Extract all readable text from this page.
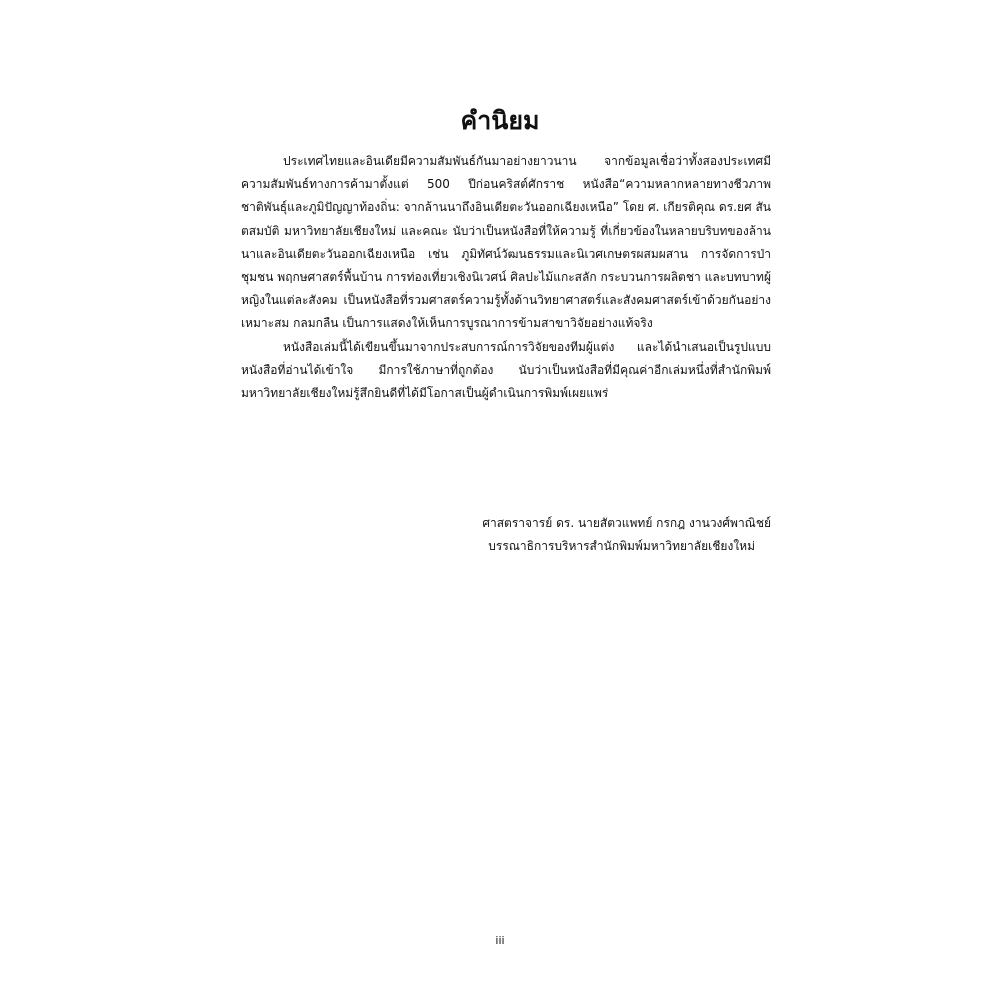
คำนิยม

ประเทศไทยและอินเดียมีความสัมพันธ์กันมาอย่างยาวนาน จากข้อมูลเชื่อว่าทั้งสองประเทศมีความสัมพันธ์ทางการค้ามาตั้งแต่ 500 ปีก่อนคริสต์ศักราช หนังสือ“ความหลากหลายทางชีวภาพชาติพันธุ์และภูมิปัญญาท้องถิ่น: จากล้านนาถึงอินเดียตะวันออกเฉียงเหนือ” โดย ศ. เกียรติคุณ ดร.ยศ สันตสมบัติ มหาวิทยาลัยเชียงใหม่ และคณะ นับว่าเป็นหนังสือที่ให้ความรู้ ที่เกี่ยวข้องในหลายบริบทของล้านนาและอินเดียตะวันออกเฉียงเหนือ เช่น ภูมิทัศน์วัฒนธรรมและนิเวศเกษตรผสมผสาน การจัดการป่าชุมชน พฤกษศาสตร์พื้นบ้าน การท่องเที่ยวเชิงนิเวศน์ ศิลปะไม้แกะสลัก กระบวนการผลิตชา และบทบาทผู้หญิงในแต่ละสังคม เป็นหนังสือที่รวมศาสตร์ความรู้ทั้งด้านวิทยาศาสตร์และสังคมศาสตร์เข้าด้วยกันอย่างเหมาะสม กลมกลืน เป็นการแสดงให้เห็นการบูรณาการข้ามสาขาวิจัยอย่างแท้จริง

หนังสือเล่มนี้ได้เขียนขึ้นมาจากประสบการณ์การวิจัยของทีมผู้แต่ง และได้นำเสนอเป็นรูปแบบหนังสือที่อ่านได้เข้าใจ มีการใช้ภาษาที่ถูกต้อง นับว่าเป็นหนังสือที่มีคุณค่าอีกเล่มหนึ่งที่สำนักพิมพ์มหาวิทยาลัยเชียงใหม่รู้สึกยินดีที่ได้มีโอกาสเป็นผู้ดำเนินการพิมพ์เผยแพร่

ศาสตราจารย์ ดร. นายสัตวแพทย์ กรกฎ งานวงศ์พาณิชย์
บรรณาธิการบริหารสำนักพิมพ์มหาวิทยาลัยเชียงใหม่
iii
